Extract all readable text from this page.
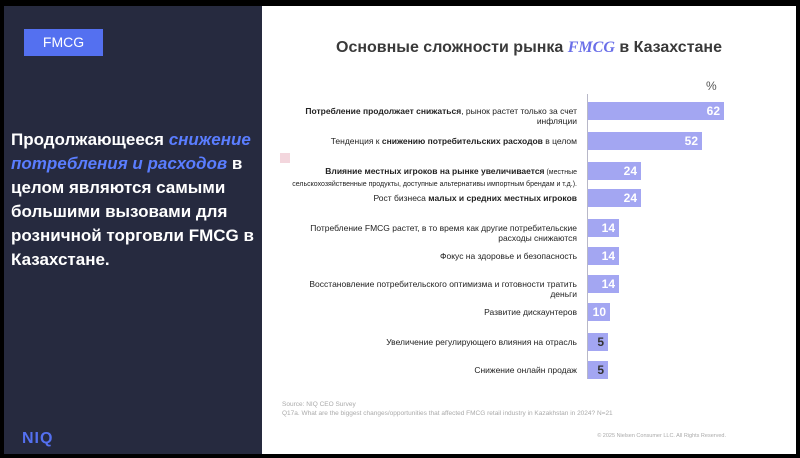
FMCG
Продолжающееся снижение потребления и расходов в целом являются самыми большими вызовами для розничной торговли FMCG в Казахстане.
NIQ
Основные сложности рынка FMCG в Казахстане
%
Потребление продолжает снижаться, рынок растет только за счет инфляции
62
Тенденция к снижению потребительских расходов в целом	52
Влияние местных игроков на рынке увеличивается (местные сельскохозяйственные продукты, доступные альтернативы импортным брендам и т.д.).
24
Рост бизнеса малых и средних местных игроков	24
Потребление FMCG растет, в то время как другие потребительские расходы снижаются
14
Фокус на здоровье и безопасность 14
Восстановление потребительского оптимизма и готовности тратить деньги
14
Развитие дискаунтеров 10
Увеличение регулирующего влияния на отрасль 5
Снижение онлайн продаж 5
Source: NIQ CEO Survey
Q17a. What are the biggest changes/opportunities that affected FMCG retail industry in Kazakhstan in 2024? N=21
© 2025 Nielsen Consumer LLC. All Rights Reserved.
